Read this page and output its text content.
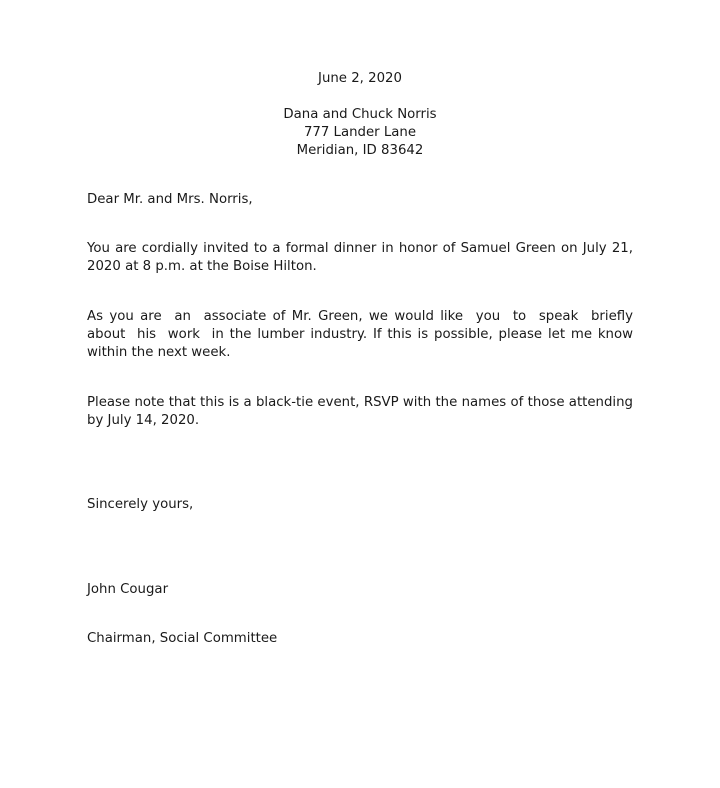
June 2, 2020
Dana and Chuck Norris
777 Lander Lane
Meridian, ID 83642
Dear Mr. and Mrs. Norris,
You are cordially invited to a formal dinner in honor of Samuel Green on July 21, 2020 at 8 p.m. at the Boise Hilton.
As you are  an  associate of Mr. Green, we would like  you  to  speak  briefly  about  his  work  in the lumber industry. If this is possible, please let me know within the next week.
Please note that this is a black-tie event, RSVP with the names of those attending by July 14, 2020.
Sincerely yours,
John Cougar
Chairman, Social Committee
